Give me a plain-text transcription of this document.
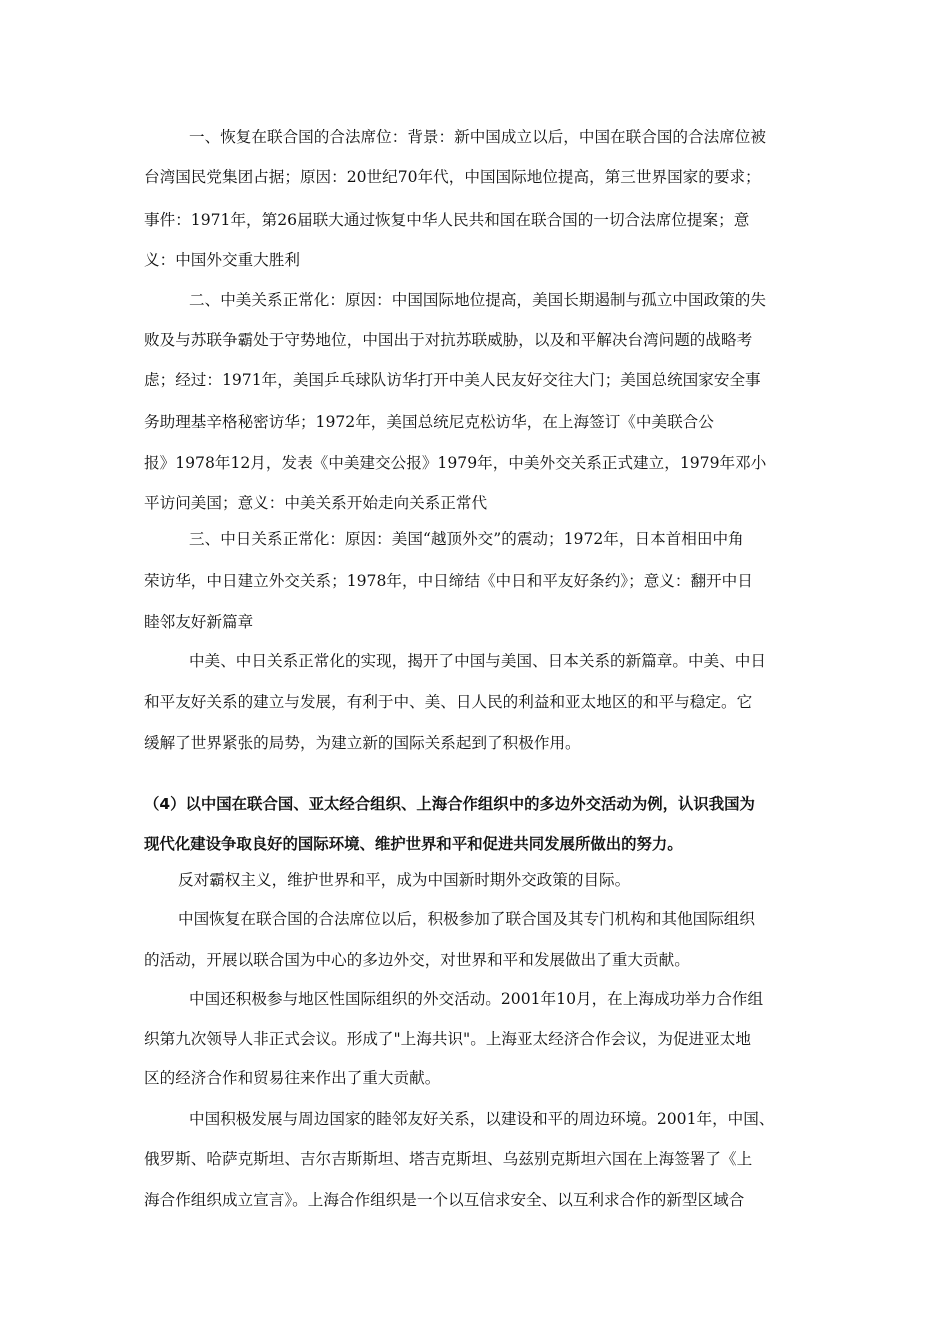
一、恢复在联合国的合法席位：背景：新中国成立以后，中国在联合国的合法席位被
台湾国民党集团占据；原因：20世纪70年代，中国国际地位提高，第三世界国家的要求；
事件：1971年，第26届联大通过恢复中华人民共和国在联合国的一切合法席位提案；意
义：中国外交重大胜利
二、中美关系正常化：原因：中国国际地位提高，美国长期遏制与孤立中国政策的失
败及与苏联争霸处于守势地位，中国出于对抗苏联威胁，以及和平解决台湾问题的战略考
虑；经过：1971年，美国乒乓球队访华打开中美人民友好交往大门；美国总统国家安全事
务助理基辛格秘密访华；1972年，美国总统尼克松访华，在上海签订《中美联合公
报》1978年12月，发表《中美建交公报》1979年，中美外交关系正式建立，1979年邓小
平访问美国；意义：中美关系开始走向关系正常代
三、中日关系正常化：原因：美国“越顶外交”的震动；1972年，日本首相田中角
荣访华，中日建立外交关系；1978年，中日缔结《中日和平友好条约》；意义：翻开中日
睦邻友好新篇章
中美、中日关系正常化的实现，揭开了中国与美国、日本关系的新篇章。中美、中日
和平友好关系的建立与发展，有利于中、美、日人民的利益和亚太地区的和平与稳定。它
缓解了世界紧张的局势，为建立新的国际关系起到了积极作用。
（4）以中国在联合国、亚太经合组织、上海合作组织中的多边外交活动为例，认识我国为
现代化建设争取良好的国际环境、维护世界和平和促进共同发展所做出的努力。
反对霸权主义，维护世界和平，成为中国新时期外交政策的目际。
中国恢复在联合国的合法席位以后，积极参加了联合国及其专门机构和其他国际组织
的活动，开展以联合国为中心的多边外交，对世界和平和发展做出了重大贡献。
中国还积极参与地区性国际组织的外交活动。2001年10月，在上海成功举力合作组
织第九次领导人非正式会议。形成了"上海共识"。上海亚太经济合作会议，为促进亚太地
区的经济合作和贸易往来作出了重大贡献。
中国积极发展与周边国家的睦邻友好关系，以建设和平的周边环境。2001年，中国、
俄罗斯、哈萨克斯坦、吉尔吉斯斯坦、塔吉克斯坦、乌兹别克斯坦六国在上海签署了《上
海合作组织成立宣言》。上海合作组织是一个以互信求安全、以互利求合作的新型区域合
